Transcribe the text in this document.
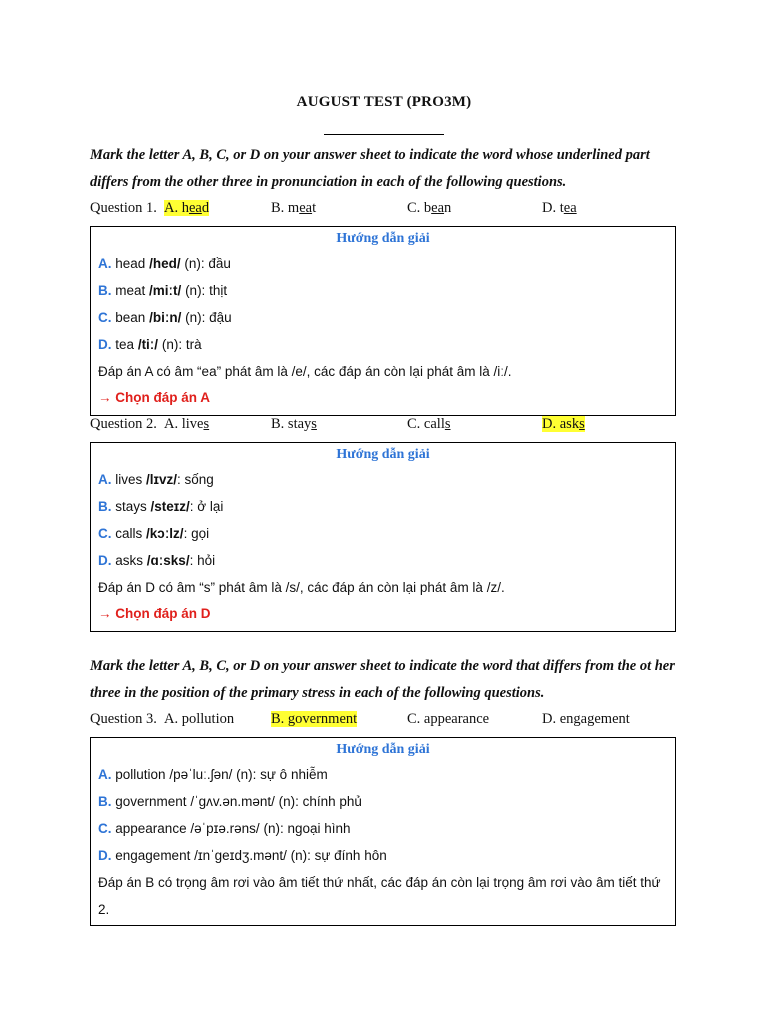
AUGUST TEST (PRO3M)
Mark the letter A, B, C, or D on your answer sheet to indicate the word whose underlined part differs from the other three in pronunciation in each of the following questions.
Question 1. A. head	B. meat	C. bean	D. tea
Hướng dẫn giải
A. head /hed/ (n): đầu
B. meat /miːt/ (n): thịt
C. bean /biːn/ (n): đậu
D. tea /tiː/ (n): trà
Đáp án A có âm “ea” phát âm là /e/, các đáp án còn lại phát âm là /iː/.
→ Chọn đáp án A
Question 2. A. lives	B. stays	C. calls	D. asks
Hướng dẫn giải
A. lives /lɪvz/: sống
B. stays /steɪz/: ở lại
C. calls /kɔːlz/: gọi
D. asks /ɑːsks/: hỏi
Đáp án D có âm “s” phát âm là /s/, các đáp án còn lại phát âm là /z/.
→ Chọn đáp án D
Mark the letter A, B, C, or D on your answer sheet to indicate the word that differs from the ot her three in the position of the primary stress in each of the following questions.
Question 3. A. pollution	B. government	C. appearance	D. engagement
Hướng dẫn giải
A. pollution /pəˈluː.ʃən/ (n): sự ô nhiễm
B. government /ˈɡʌv.ən.mənt/ (n): chính phủ
C. appearance /əˈpɪə.rəns/ (n): ngoại hình
D. engagement /ɪnˈɡeɪdʒ.mənt/ (n): sự đính hôn
Đáp án B có trọng âm rơi vào âm tiết thứ nhất, các đáp án còn lại trọng âm rơi vào âm tiết thứ 2.
